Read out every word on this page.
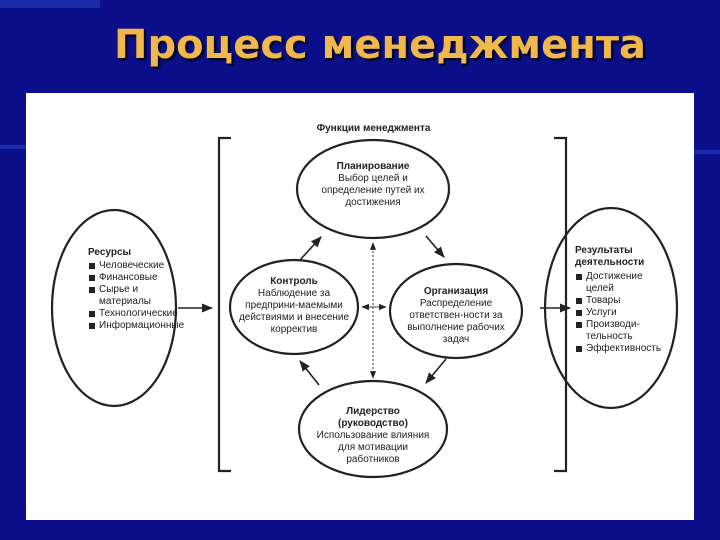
Процесс менеджмента
Функции менеджмента
Ресурсы
Человеческие
Финансовые
Сырье и материалы
Технологические
Информационные
Планирование
Выбор целей и определение путей их достижения
Контроль
Наблюдение за предприни-маемыми действиями и внесение корректив
Организация
Распределение ответствен-ности за выполнение рабочих задач
Лидерство (руководство)
Использование влияния для мотивации работников
Результаты деятельности
Достижение целей
Товары
Услуги
Производи-тельность
Эффективность
